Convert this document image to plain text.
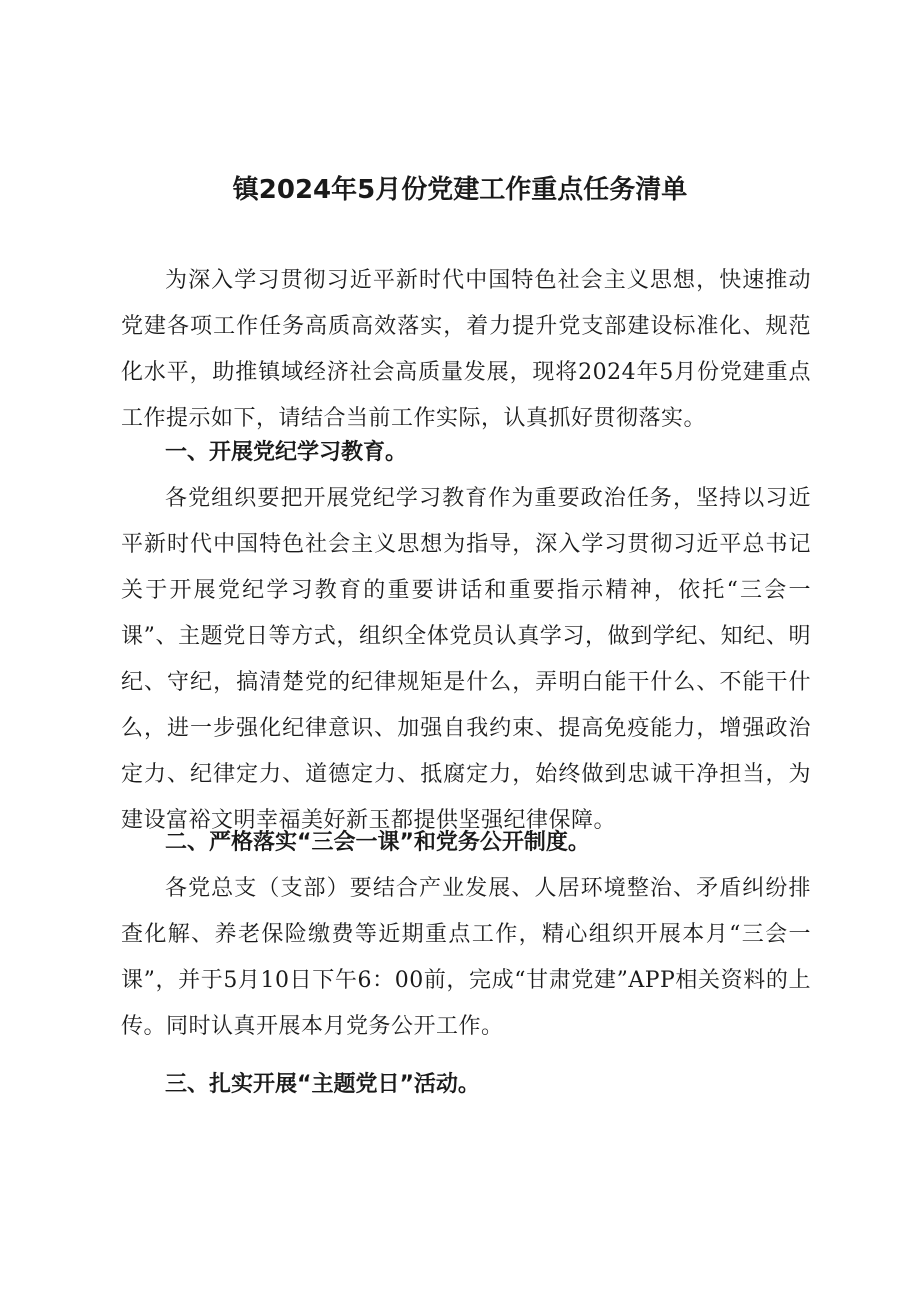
镇2024年5月份党建工作重点任务清单

为深入学习贯彻习近平新时代中国特色社会主义思想，快速推动党建各项工作任务高质高效落实，着力提升党支部建设标准化、规范化水平，助推镇域经济社会高质量发展，现将2024年5月份党建重点工作提示如下，请结合当前工作实际，认真抓好贯彻落实。

一、开展党纪学习教育。

各党组织要把开展党纪学习教育作为重要政治任务，坚持以习近平新时代中国特色社会主义思想为指导，深入学习贯彻习近平总书记关于开展党纪学习教育的重要讲话和重要指示精神，依托“三会一课”、主题党日等方式，组织全体党员认真学习，做到学纪、知纪、明纪、守纪，搞清楚党的纪律规矩是什么，弄明白能干什么、不能干什么，进一步强化纪律意识、加强自我约束、提高免疫能力，增强政治定力、纪律定力、道德定力、抵腐定力，始终做到忠诚干净担当，为建设富裕文明幸福美好新玉都提供坚强纪律保障。

二、严格落实“三会一课”和党务公开制度。

各党总支（支部）要结合产业发展、人居环境整治、矛盾纠纷排查化解、养老保险缴费等近期重点工作，精心组织开展本月“三会一课”，并于5月10日下午6：00前，完成“甘肃党建”APP相关资料的上传。同时认真开展本月党务公开工作。

三、扎实开展“主题党日”活动。
